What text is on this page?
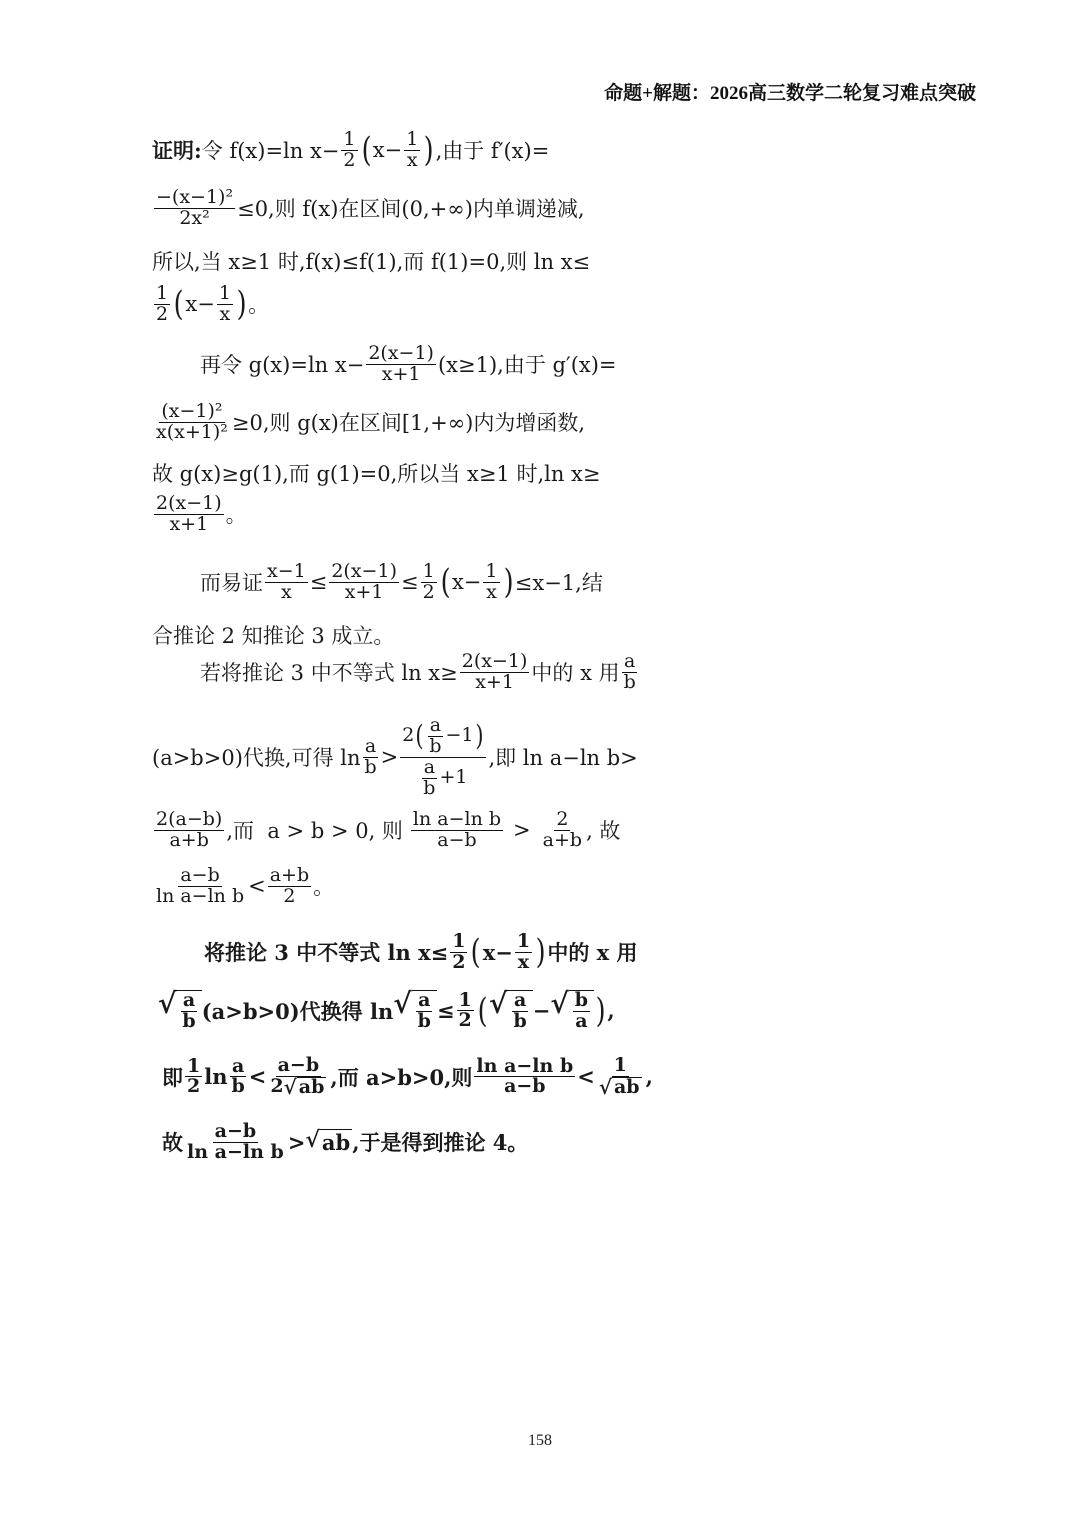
命题+解题：2026高三数学二轮复习难点突破
证明: 令 f(x)=ln $x- \frac{1}{2}$ ( $x- \frac{1}{x}$ ) ,由于 f′(x)=
$\frac{\text{−(x−1)²}}{\text{2x²}} \le 0$,则 f(x)在区间(0,+∞)内单调递减,
所以,当 x≥1 时,f(x)≤f(1),而 f(1)=0,则 ln x≤
$\frac{1}{2}$ ( $x- \frac{1}{x}$ ) 。
再令 g(x)=ln $x- \frac{2(x-1)}{x+1} (x\ge 1)$,由于 g′(x)=
$\frac{\text{(x−1)²}}{\text{x(x+1)²}} \ge 0$,则 g(x)在区间[1,+∞)内为增函数,
故 g(x)≥g(1),而 g(1)=0,所以当 x≥1 时,ln x≥
$\frac{2(x-1)}{x+1}$ 。
而易证 $\frac{x-1}{x} \le \frac{2(x-1)}{x+1} \le \frac{1}{2}$ ( $x- \frac{1}{x}$ ) ≤x−1,结
合推论 2 知推论 3 成立。
若将推论 3 中不等式 $\ln x\ge \frac{2(x-1)}{x+1}$ 中的 x 用 $\frac{a}{b}$
(a>b>0)代换,可得 $\ln \frac{a}{b} > \frac{2 ( \frac{a}{b} -1 )}{\frac{a}{b} +1}$ ,即 ln a−ln b>
$\frac{2(a-b)}{a+b}$ ,而  a > b > 0, 则 $\frac{\text{ln a−ln b}}{a-b} > \frac{2}{a+b}$ , 故
$\frac{a-b}{\text{ln a−ln b}} < \frac{a+b}{2}$ 。
将推论 3 中不等式 $\ln x\le \frac{1}{2}$ ( $x- \frac{1}{x}$ ) 中的 x 用
√ $\frac{a}{b} (a>b>0)$代换得 ln √ $\frac{a}{b} \le \frac{1}{2}$ ( √ $\frac{a}{b}$ − √ $\frac{b}{a}$ ) ,
即 $\frac{1}{2}$ $\ln \frac{a}{b} < \frac{a-b}{2 √ ab}$ ,而 a>b>0,则 $\frac{\text{ln a−ln b}}{a-b} < \frac{1}{√ ab}$ ,
故 $\frac{a-b}{\text{ln a−ln b}}$ > √ ab ,于是得到推论 4。
158
